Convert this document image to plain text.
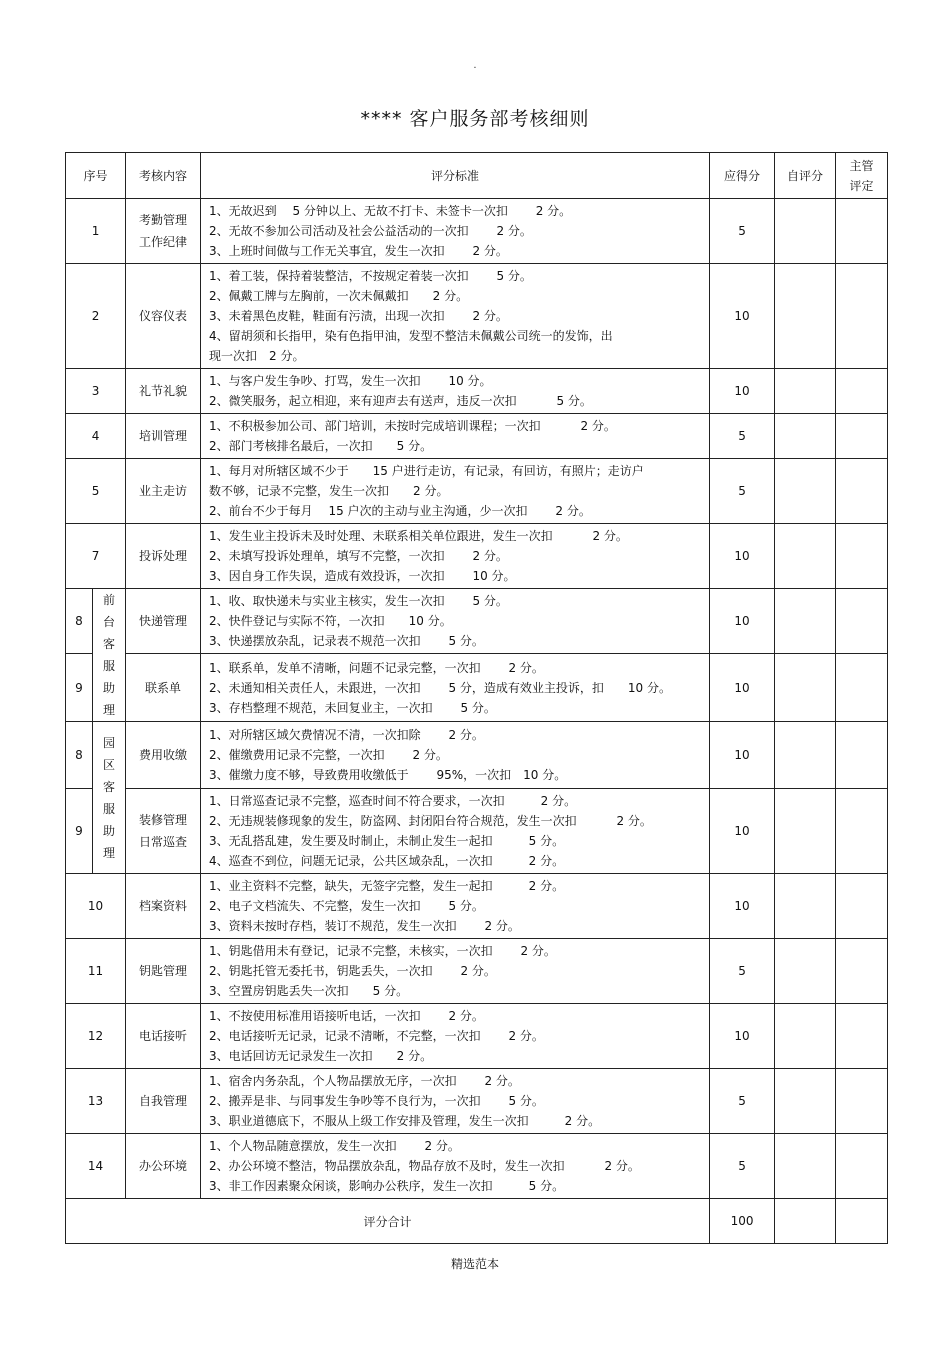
.
**** 客户服务部考核细则
序号		考核内容	评分标准	应得分	自评分	主管评定
1		考勤管理工作纪律	1、无故迟到　 5 分钟以上、无故不打卡、未签卡一次扣　　 2 分。
2、无故不参加公司活动及社会公益活动的一次扣　　 2 分。
3、上班时间做与工作无关事宜，发生一次扣　　 2 分。	5		
2		仪容仪表	1、着工装，保持着装整洁，不按规定着装一次扣　　 5 分。
2、佩戴工牌与左胸前，一次未佩戴扣　　2 分。
3、未着黑色皮鞋，鞋面有污渍，出现一次扣　　 2 分。
4、留胡须和长指甲，染有色指甲油，发型不整洁未佩戴公司统一的发饰，出
现一次扣　2 分。	10		
3		礼节礼貌	1、与客户发生争吵、打骂，发生一次扣　　 10 分。
2、微笑服务，起立相迎，来有迎声去有送声，违反一次扣　　　 5 分。	10		
4		培训管理	1、不积极参加公司、部门培训，未按时完成培训课程；一次扣　　　 2 分。
2、部门考核排名最后，一次扣　　5 分。	5		
5		业主走访	1、每月对所辖区域不少于　　15 户进行走访，有记录，有回访，有照片；走访户
数不够，记录不完整，发生一次扣　　2 分。
2、前台不少于每月　 15 户次的主动与业主沟通，少一次扣　　 2 分。	5		
7		投诉处理	1、发生业主投诉未及时处理、未联系相关单位跟进，发生一次扣　　　 2 分。
2、未填写投诉处理单，填写不完整，一次扣　　 2 分。
3、因自身工作失误，造成有效投诉，一次扣　　 10 分。	10		
8	前台客服助理	快递管理	1、收、取快递未与实业主核实，发生一次扣　　 5 分。
2、快件登记与实际不符，一次扣　　10 分。
3、快递摆放杂乱，记录表不规范一次扣　　 5 分。	10		
9		联系单	1、联系单，发单不清晰，问题不记录完整，一次扣　　 2 分。
2、未通知相关责任人，未跟进，一次扣　　 5 分，造成有效业主投诉，扣　　10 分。
3、存档整理不规范，未回复业主，一次扣　　 5 分。	10		
8	园区客服助理	费用收缴	1、对所辖区域欠费情况不清，一次扣除　　 2 分。
2、催缴费用记录不完整，一次扣　　 2 分。
3、催缴力度不够，导致费用收缴低于　　 95%，一次扣　10 分。	10		
9		装修管理日常巡查	1、日常巡查记录不完整，巡查时间不符合要求，一次扣　　　2 分。
2、无违规装修现象的发生，防盗网、封闭阳台符合规范，发生一次扣　　　 2 分。
3、无乱搭乱建，发生要及时制止，未制止发生一起扣　　　5 分。
4、巡查不到位，问题无记录，公共区域杂乱，一次扣　　　2 分。	10		
10		档案资料	1、业主资料不完整，缺失，无签字完整，发生一起扣　　　2 分。
2、电子文档流失、不完整，发生一次扣　　 5 分。
3、资料未按时存档，装订不规范，发生一次扣　　 2 分。	10		
11		钥匙管理	1、钥匙借用未有登记，记录不完整，未核实，一次扣　　 2 分。
2、钥匙托管无委托书，钥匙丢失，一次扣　　 2 分。
3、空置房钥匙丢失一次扣　　5 分。	5		
12		电话接听	1、不按使用标准用语接听电话，一次扣　　 2 分。
2、电话接听无记录，记录不清晰，不完整，一次扣　　 2 分。
3、电话回访无记录发生一次扣　　2 分。	10		
13		自我管理	1、宿舍内务杂乱，个人物品摆放无序，一次扣　　 2 分。
2、搬弄是非、与同事发生争吵等不良行为，一次扣　　 5 分。
3、职业道德底下，不服从上级工作安排及管理，发生一次扣　　　2 分。	5		
14		办公环境	1、个人物品随意摆放，发生一次扣　　 2 分。
2、办公环境不整洁，物品摆放杂乱，物品存放不及时，发生一次扣　　　 2 分。
3、非工作因素聚众闲谈，影响办公秩序，发生一次扣　　　5 分。	5		
评分合计				100		
精选范本
